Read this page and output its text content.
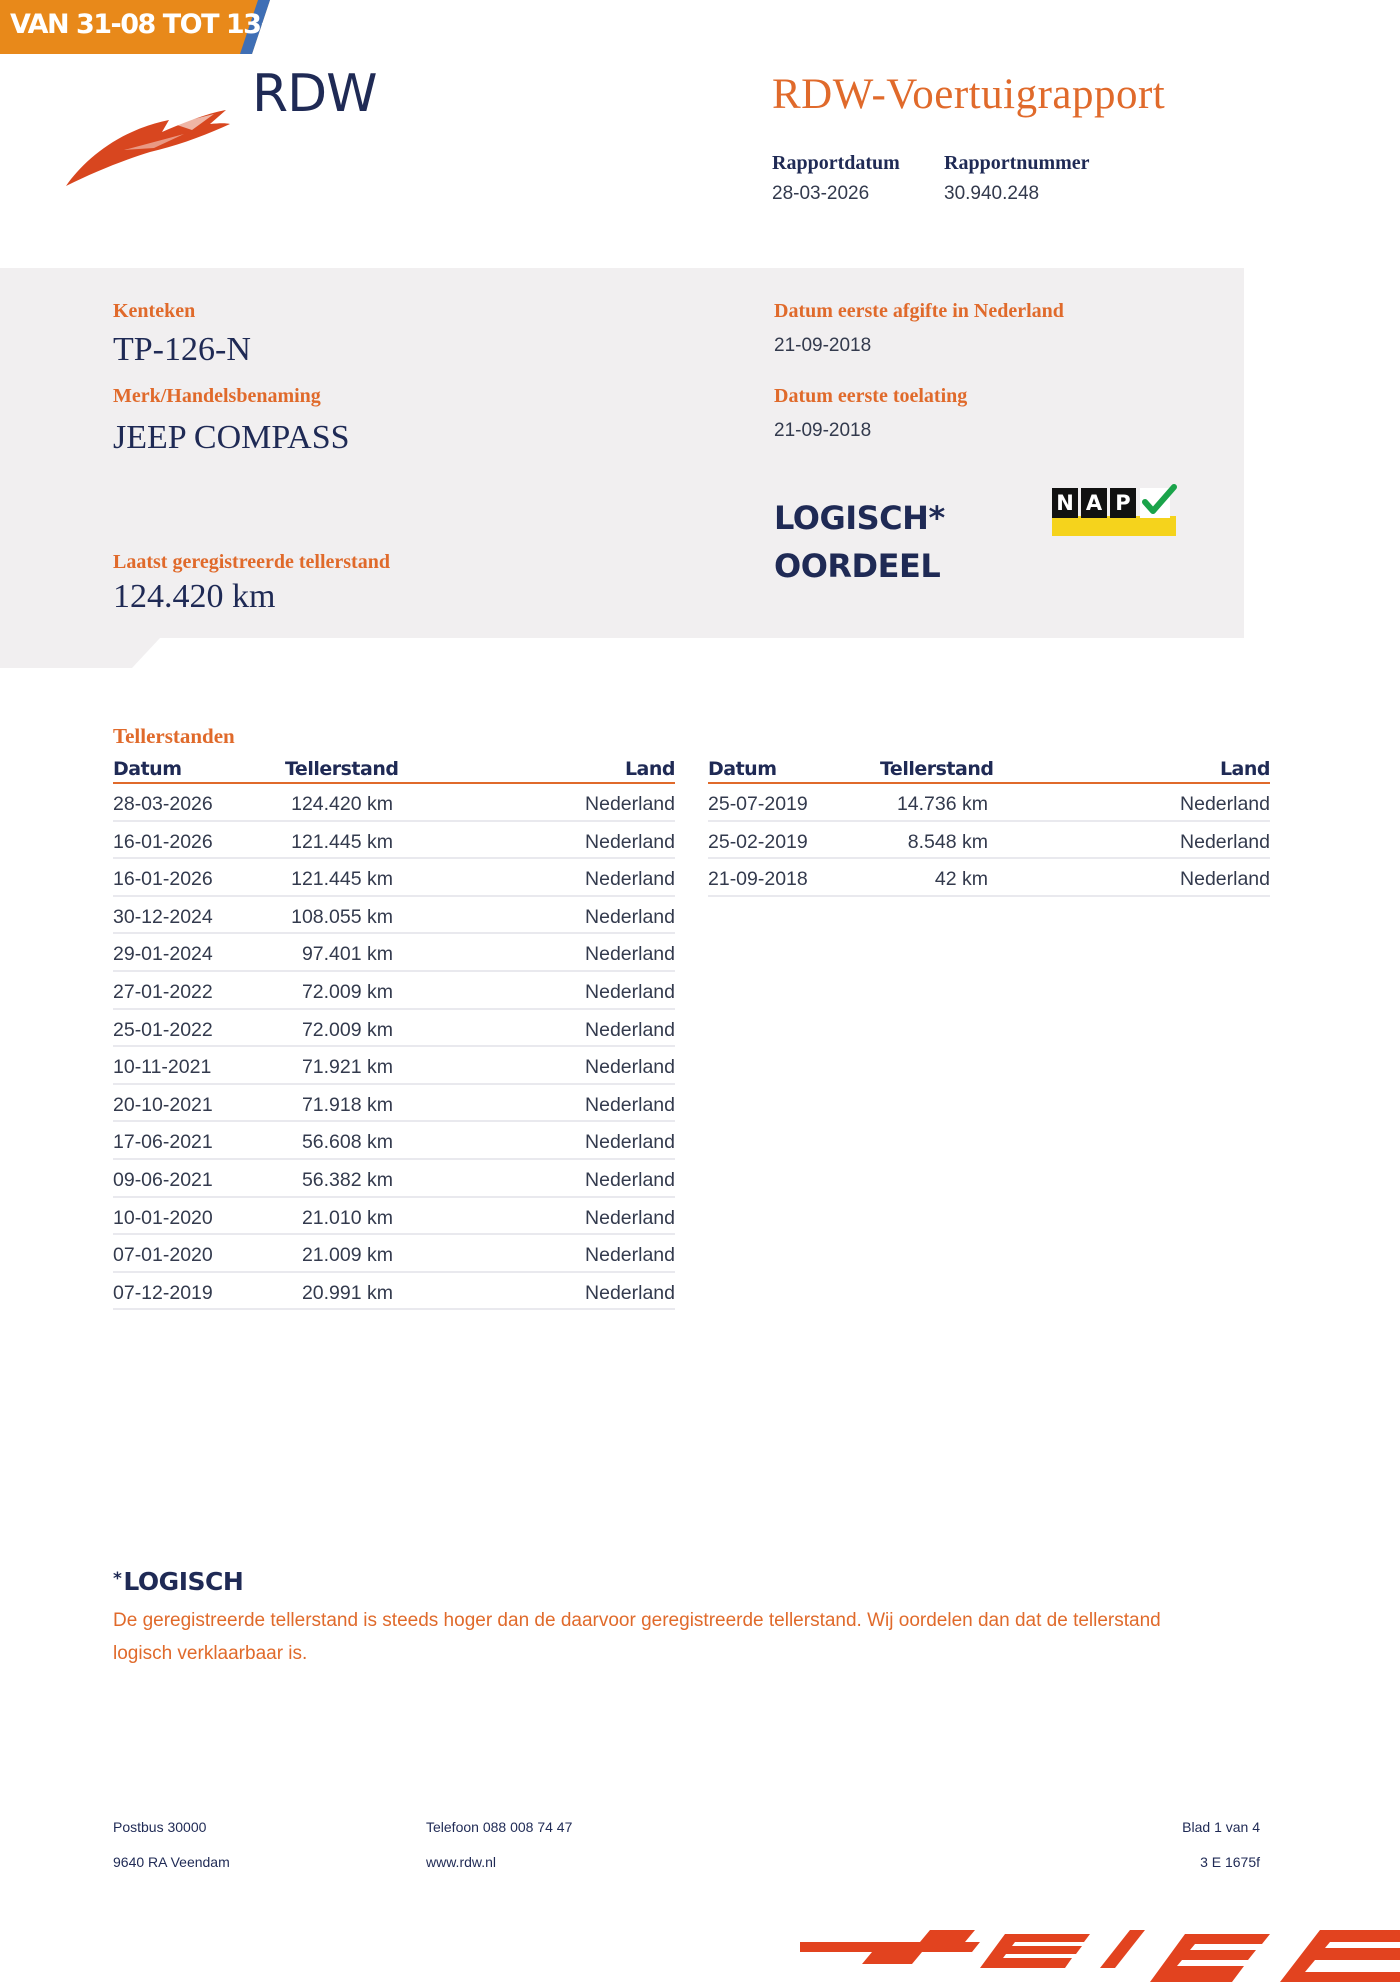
VAN 31-08 TOT 13-09
RDW	RDW-Voertuigrapport
Rapportdatum
28-03-2026
Rapportnummer
30.940.248
Kenteken
TP-126-N
Merk/Handelsbenaming
JEEP COMPASS
Laatst geregistreerde tellerstand
124.420 km
Datum eerste afgifte in Nederland
21-09-2018
Datum eerste toelating
21-09-2018
LOGISCH*
OORDEEL
N A P
Tellerstanden
Datum	Tellerstand	Land
28-03-2026	124.420 km	Nederland
16-01-2026	121.445 km	Nederland
16-01-2026	121.445 km	Nederland
30-12-2024	108.055 km	Nederland
29-01-2024	97.401 km	Nederland
27-01-2022	72.009 km	Nederland
25-01-2022	72.009 km	Nederland
10-11-2021	71.921 km	Nederland
20-10-2021	71.918 km	Nederland
17-06-2021	56.608 km	Nederland
09-06-2021	56.382 km	Nederland
10-01-2020	21.010 km	Nederland
07-01-2020	21.009 km	Nederland
07-12-2019	20.991 km	Nederland
Datum	Tellerstand	Land
25-07-2019	14.736 km	Nederland
25-02-2019	8.548 km	Nederland
21-09-2018	42 km	Nederland
*LOGISCH
De geregistreerde tellerstand is steeds hoger dan de daarvoor geregistreerde tellerstand. Wij oordelen dan dat de tellerstand logisch verklaarbaar is.
Postbus 30000
9640 RA Veendam
Telefoon 088 008 74 47
www.rdw.nl
Blad 1 van 4
3 E 1675f
